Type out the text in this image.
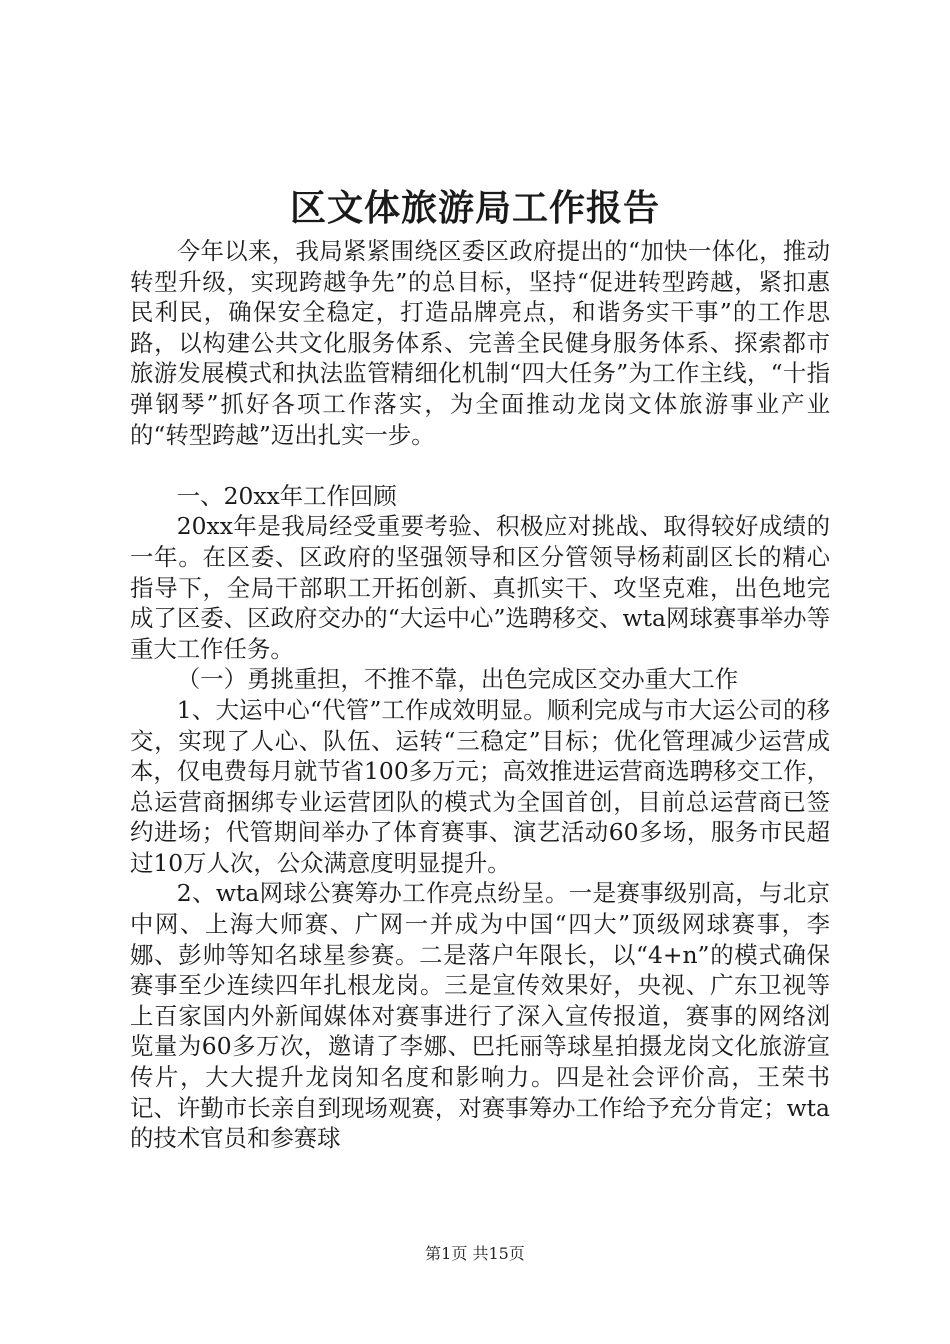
区文体旅游局工作报告

今年以来，我局紧紧围绕区委区政府提出的“加快一体化，推动转型升级，实现跨越争先”的总目标，坚持“促进转型跨越，紧扣惠民利民，确保安全稳定，打造品牌亮点，和谐务实干事”的工作思路，以构建公共文化服务体系、完善全民健身服务体系、探索都市旅游发展模式和执法监管精细化机制“四大任务”为工作主线，“十指弹钢琴”抓好各项工作落实，为全面推动龙岗文体旅游事业产业的“转型跨越”迈出扎实一步。

一、20xx年工作回顾

20xx年是我局经受重要考验、积极应对挑战、取得较好成绩的一年。在区委、区政府的坚强领导和区分管领导杨莉副区长的精心指导下，全局干部职工开拓创新、真抓实干、攻坚克难，出色地完成了区委、区政府交办的“大运中心”选聘移交、wta网球赛事举办等重大工作任务。

（一）勇挑重担，不推不靠，出色完成区交办重大工作

1、大运中心“代管”工作成效明显。顺利完成与市大运公司的移交，实现了人心、队伍、运转“三稳定”目标；优化管理减少运营成本，仅电费每月就节省100多万元；高效推进运营商选聘移交工作，总运营商捆绑专业运营团队的模式为全国首创，目前总运营商已签约进场；代管期间举办了体育赛事、演艺活动60多场，服务市民超过10万人次，公众满意度明显提升。

2、wta网球公赛筹办工作亮点纷呈。一是赛事级别高，与北京中网、上海大师赛、广网一并成为中国“四大”顶级网球赛事，李娜、彭帅等知名球星参赛。二是落户年限长，以“4+n”的模式确保赛事至少连续四年扎根龙岗。三是宣传效果好，央视、广东卫视等上百家国内外新闻媒体对赛事进行了深入宣传报道，赛事的网络浏览量为60多万次，邀请了李娜、巴托丽等球星拍摄龙岗文化旅游宣传片，大大提升龙岗知名度和影响力。四是社会评价高，王荣书记、许勤市长亲自到现场观赛，对赛事筹办工作给予充分肯定；wta的技术官员和参赛球

第1页 共15页
